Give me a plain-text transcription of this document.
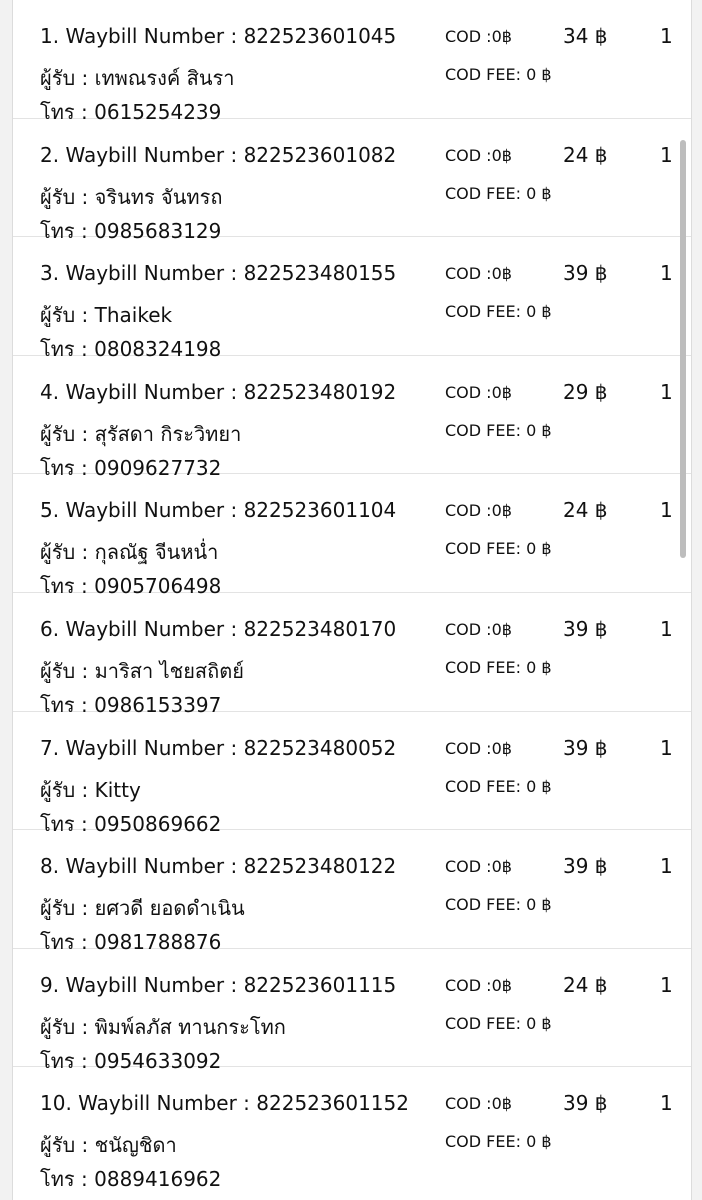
1. Waybill Number : 822523601045
ผู้รับ : เทพณรงค์ สินรา
โทร : 0615254239
COD :0฿
COD FEE: 0 ฿
34 ฿	1
2. Waybill Number : 822523601082
ผู้รับ : จรินทร จันทรถ
โทร : 0985683129
COD :0฿
COD FEE: 0 ฿
24 ฿	1
3. Waybill Number : 822523480155
ผู้รับ : Thaikek
โทร : 0808324198
COD :0฿
COD FEE: 0 ฿
39 ฿	1
4. Waybill Number : 822523480192
ผู้รับ : สุรัสดา กิระวิทยา
โทร : 0909627732
COD :0฿
COD FEE: 0 ฿
29 ฿	1
5. Waybill Number : 822523601104
ผู้รับ : กุลณัฐ จีนหน่ำ
โทร : 0905706498
COD :0฿
COD FEE: 0 ฿
24 ฿	1
6. Waybill Number : 822523480170
ผู้รับ : มาริสา ไชยสถิตย์
โทร : 0986153397
COD :0฿
COD FEE: 0 ฿
39 ฿	1
7. Waybill Number : 822523480052
ผู้รับ : Kitty
โทร : 0950869662
COD :0฿
COD FEE: 0 ฿
39 ฿	1
8. Waybill Number : 822523480122
ผู้รับ : ยศวดี ยอดดำเนิน
โทร : 0981788876
COD :0฿
COD FEE: 0 ฿
39 ฿	1
9. Waybill Number : 822523601115
ผู้รับ : พิมพ์ลภัส ทานกระโทก
โทร : 0954633092
COD :0฿
COD FEE: 0 ฿
24 ฿	1
10. Waybill Number : 822523601152
ผู้รับ : ชนัญชิดา
โทร : 0889416962
COD :0฿
COD FEE: 0 ฿
39 ฿	1
